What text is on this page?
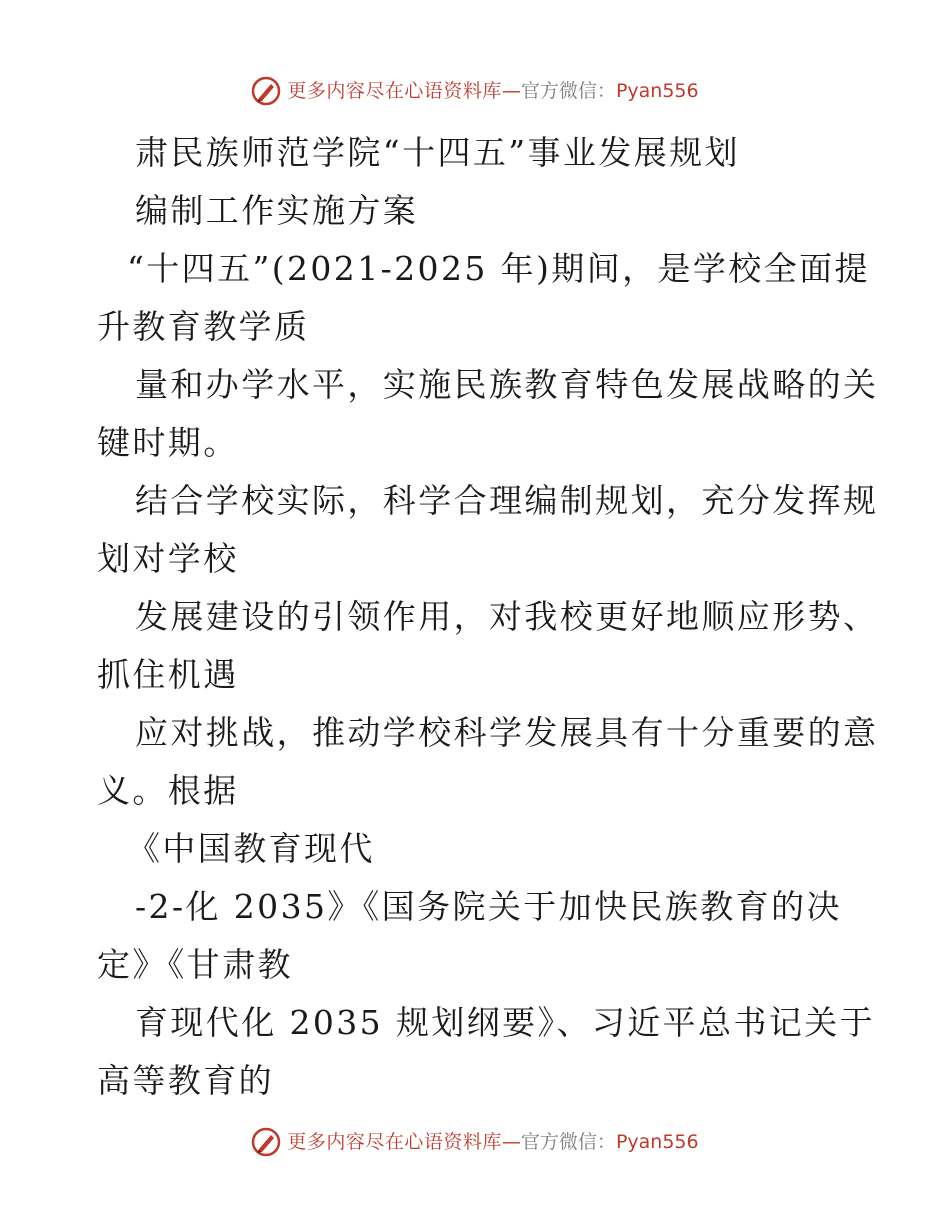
更多内容尽在心语资料库 — 官方微信： Pyan556
肃民族师范学院“十四五”事业发展规划
编制工作实施方案
“十四五”(2021-2025 年)期间，是学校全面提
升教育教学质
量和办学水平，实施民族教育特色发展战略的关
键时期。
结合学校实际，科学合理编制规划，充分发挥规
划对学校
发展建设的引领作用，对我校更好地顺应形势、
抓住机遇
应对挑战，推动学校科学发展具有十分重要的意
义。根据
《中国教育现代
-2-化 2035》《国务院关于加快民族教育的决
定》《甘肃教
育现代化 2035 规划纲要》、习近平总书记关于
高等教育的
更多内容尽在心语资料库 — 官方微信： Pyan556
